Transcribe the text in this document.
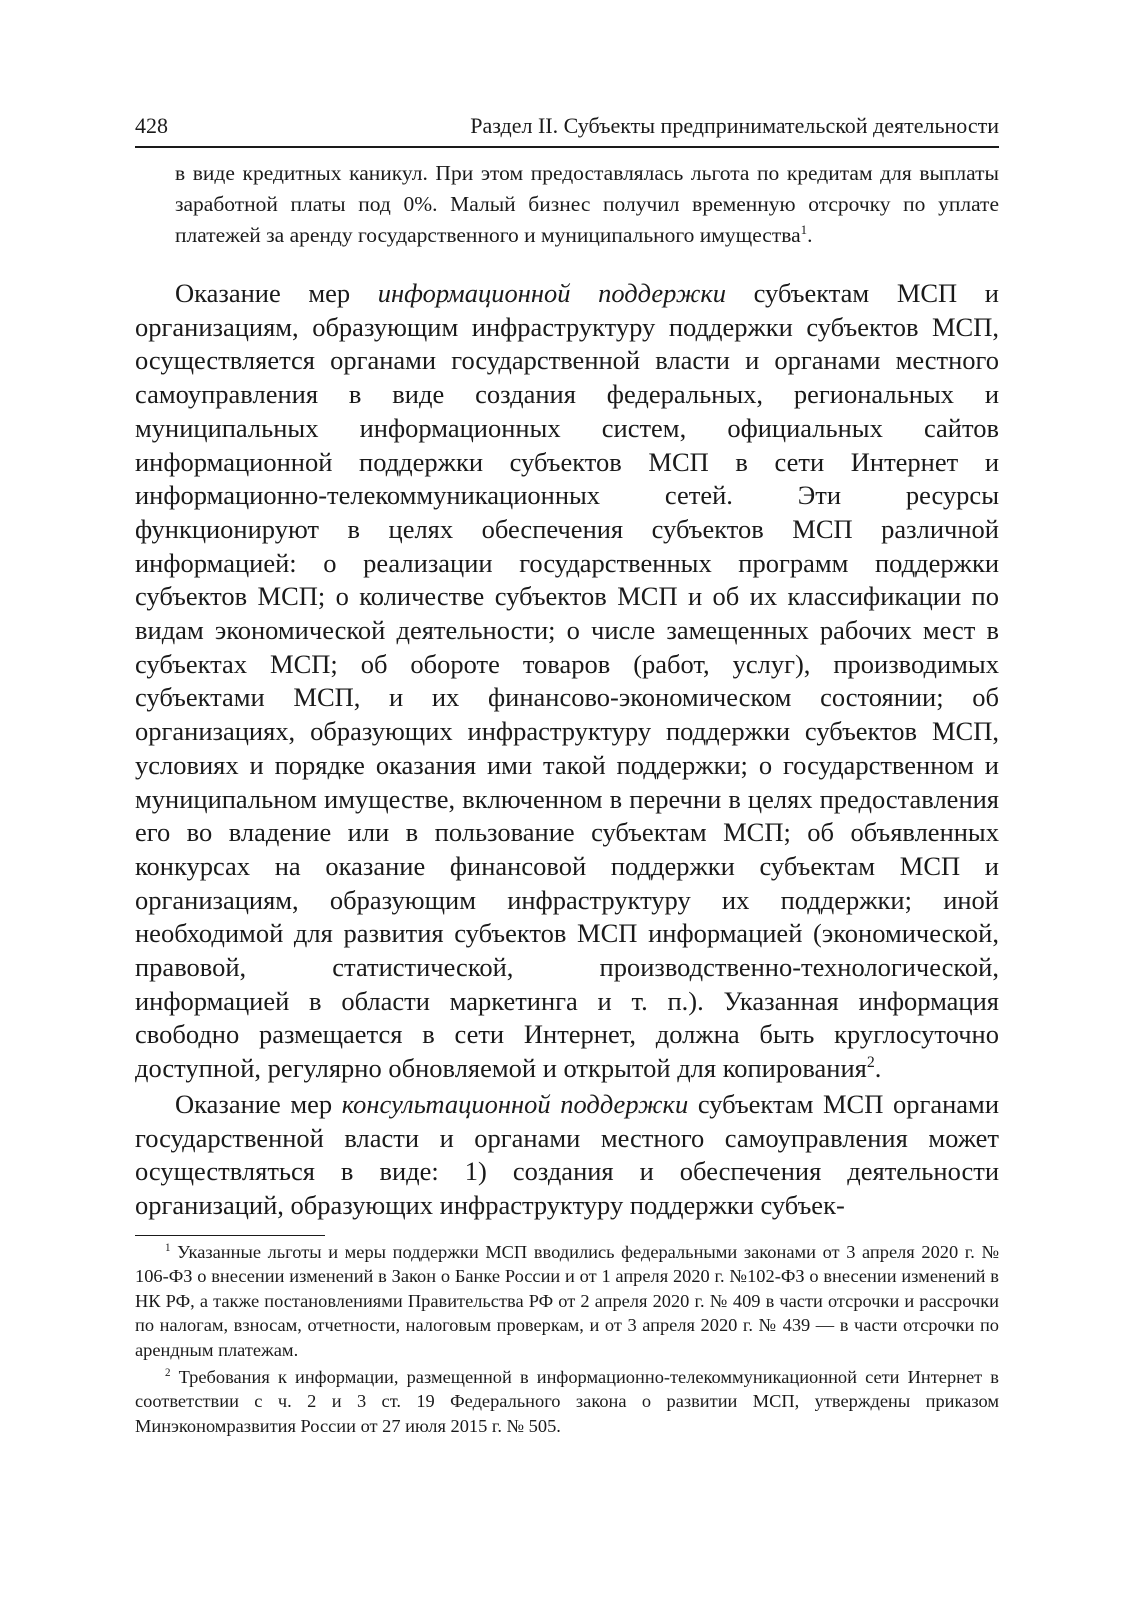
428	Раздел II. Субъекты предпринимательской деятельности
в виде кредитных каникул. При этом предоставлялась льгота по кредитам для выплаты заработной платы под 0%. Малый бизнес получил временную отсрочку по уплате платежей за аренду государственного и муниципального имущества$^1$.

Оказание мер информационной поддержки субъектам МСП и организациям, образующим инфраструктуру поддержки субъектов МСП, осуществляется органами государственной власти и органами местного самоуправления в виде создания федеральных, региональных и муниципальных информационных систем, официальных сайтов информационной поддержки субъектов МСП в сети Интернет и информационно-телекоммуникационных сетей. Эти ресурсы функционируют в целях обеспечения субъектов МСП различной информацией: о реализации государственных программ поддержки субъектов МСП; о количестве субъектов МСП и об их классификации по видам экономической деятельности; о числе замещенных рабочих мест в субъектах МСП; об обороте товаров (работ, услуг), производимых субъектами МСП, и их финансово-экономическом состоянии; об организациях, образующих инфраструктуру поддержки субъектов МСП, условиях и порядке оказания ими такой поддержки; о государственном и муниципальном имуществе, включенном в перечни в целях предоставления его во владение или в пользование субъектам МСП; об объявленных конкурсах на оказание финансовой поддержки субъектам МСП и организациям, образующим инфраструктуру их поддержки; иной необходимой для развития субъектов МСП информацией (экономической, правовой, статистической, производственно-технологической, информацией в области маркетинга и т. п.). Указанная информация свободно размещается в сети Интернет, должна быть круглосуточно доступной, регулярно обновляемой и открытой для копирования$^2$.

Оказание мер консультационной поддержки субъектам МСП органами государственной власти и органами местного самоуправления может осуществляться в виде: 1) создания и обеспечения деятельности организаций, образующих инфраструктуру поддержки субъек-

$^1$ Указанные льготы и меры поддержки МСП вводились федеральными законами от 3 апреля 2020 г. № 106-ФЗ о внесении изменений в Закон о Банке России и от 1 апреля 2020 г. №102-ФЗ о внесении изменений в НК РФ, а также постановлениями Правительства РФ от 2 апреля 2020 г. № 409 в части отсрочки и рассрочки по налогам, взносам, отчетности, налоговым проверкам, и от 3 апреля 2020 г. № 439 — в части отсрочки по арендным платежам.

$^2$ Требования к информации, размещенной в информационно-телекоммуникационной сети Интернет в соответствии с ч. 2 и 3 ст. 19 Федерального закона о развитии МСП, утверждены приказом Минэкономразвития России от 27 июля 2015 г. № 505.
